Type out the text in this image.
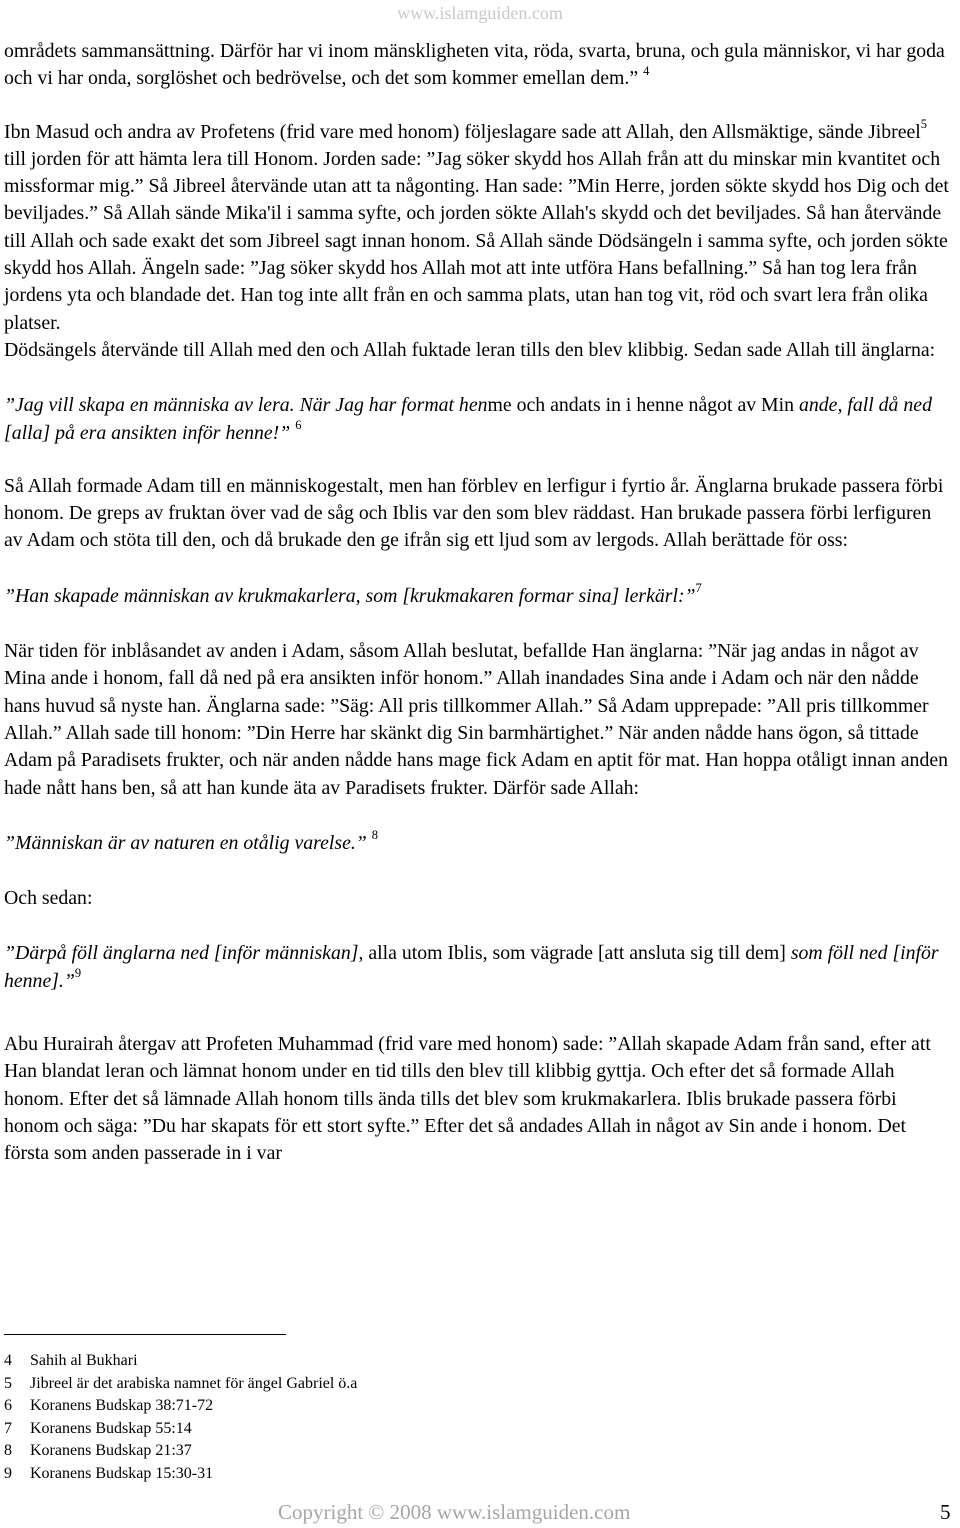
www.islamguiden.com

områdets sammansättning. Därför har vi inom mänskligheten vita, röda, svarta, bruna, och gula människor, vi har goda och vi har onda, sorglöshet och bedrövelse, och det som kommer emellan dem.” $^4$

Ibn Masud och andra av Profetens (frid vare med honom) följeslagare sade att Allah, den Allsmäktige, sände Jibreel$^5$ till jorden för att hämta lera till Honom. Jorden sade: ”Jag söker skydd hos Allah från att du minskar min kvantitet och missformar mig.” Så Jibreel återvände utan att ta någonting. Han sade: ”Min Herre, jorden sökte skydd hos Dig och det beviljades.” Så Allah sände Mika'il i samma syfte, och jorden sökte Allah's skydd och det beviljades. Så han återvände till Allah och sade exakt det som Jibreel sagt innan honom. Så Allah sände Dödsängeln i samma syfte, och jorden sökte skydd hos Allah. Ängeln sade: ”Jag söker skydd hos Allah mot att inte utföra Hans befallning.” Så han tog lera från jordens yta och blandade det. Han tog inte allt från en och samma plats, utan han tog vit, röd och svart lera från olika platser.

Dödsängels återvände till Allah med den och Allah fuktade leran tills den blev klibbig. Sedan sade Allah till änglarna:

”Jag vill skapa en människa av lera. När Jag har format henme och andats in i henne något av Min ande, fall då ned [alla] på era ansikten inför henne!” $^6$

Så Allah formade Adam till en människogestalt, men han förblev en lerfigur i fyrtio år. Änglarna brukade passera förbi honom. De greps av fruktan över vad de såg och Iblis var den som blev räddast. Han brukade passera förbi lerfiguren av Adam och stöta till den, och då brukade den ge ifrån sig ett ljud som av lergods. Allah berättade för oss:

”Han skapade människan av krukmakarlera, som [krukmakaren formar sina] lerkärl:”$^7$

När tiden för inblåsandet av anden i Adam, såsom Allah beslutat, befallde Han änglarna: ”När jag andas in något av Mina ande i honom, fall då ned på era ansikten inför honom.” Allah inandades Sina ande i Adam och när den nådde hans huvud så nyste han. Änglarna sade: ”Säg: All pris tillkommer Allah.” Så Adam upprepade: ”All pris tillkommer Allah.” Allah sade till honom: ”Din Herre har skänkt dig Sin barmhärtighet.” När anden nådde hans ögon, så tittade Adam på Paradisets frukter, och när anden nådde hans mage fick Adam en aptit för mat. Han hoppa otåligt innan anden hade nått hans ben, så att han kunde äta av Paradisets frukter. Därför sade Allah:

”Människan är av naturen en otålig varelse.” $^8$

Och sedan:

”Därpå föll änglarna ned [inför människan], alla utom Iblis, som vägrade [att ansluta sig till dem] som föll ned [inför henne].”$^9$

Abu Hurairah återgav att Profeten Muhammad (frid vare med honom) sade: ”Allah skapade Adam från sand, efter att Han blandat leran och lämnat honom under en tid tills den blev till klibbig gyttja. Och efter det så formade Allah honom. Efter det så lämnade Allah honom tills ända tills det blev som krukmakarlera. Iblis brukade passera förbi honom och säga: ”Du har skapats för ett stort syfte.” Efter det så andades Allah in något av Sin ande i honom. Det första som anden passerade in i var

4	Sahih al Bukhari
5	Jibreel är det arabiska namnet för ängel Gabriel ö.a
6	Koranens Budskap 38:71-72
7	Koranens Budskap 55:14
8	Koranens Budskap 21:37
9	Koranens Budskap 15:30-31
Copyright © 2008 www.islamguiden.com	5
